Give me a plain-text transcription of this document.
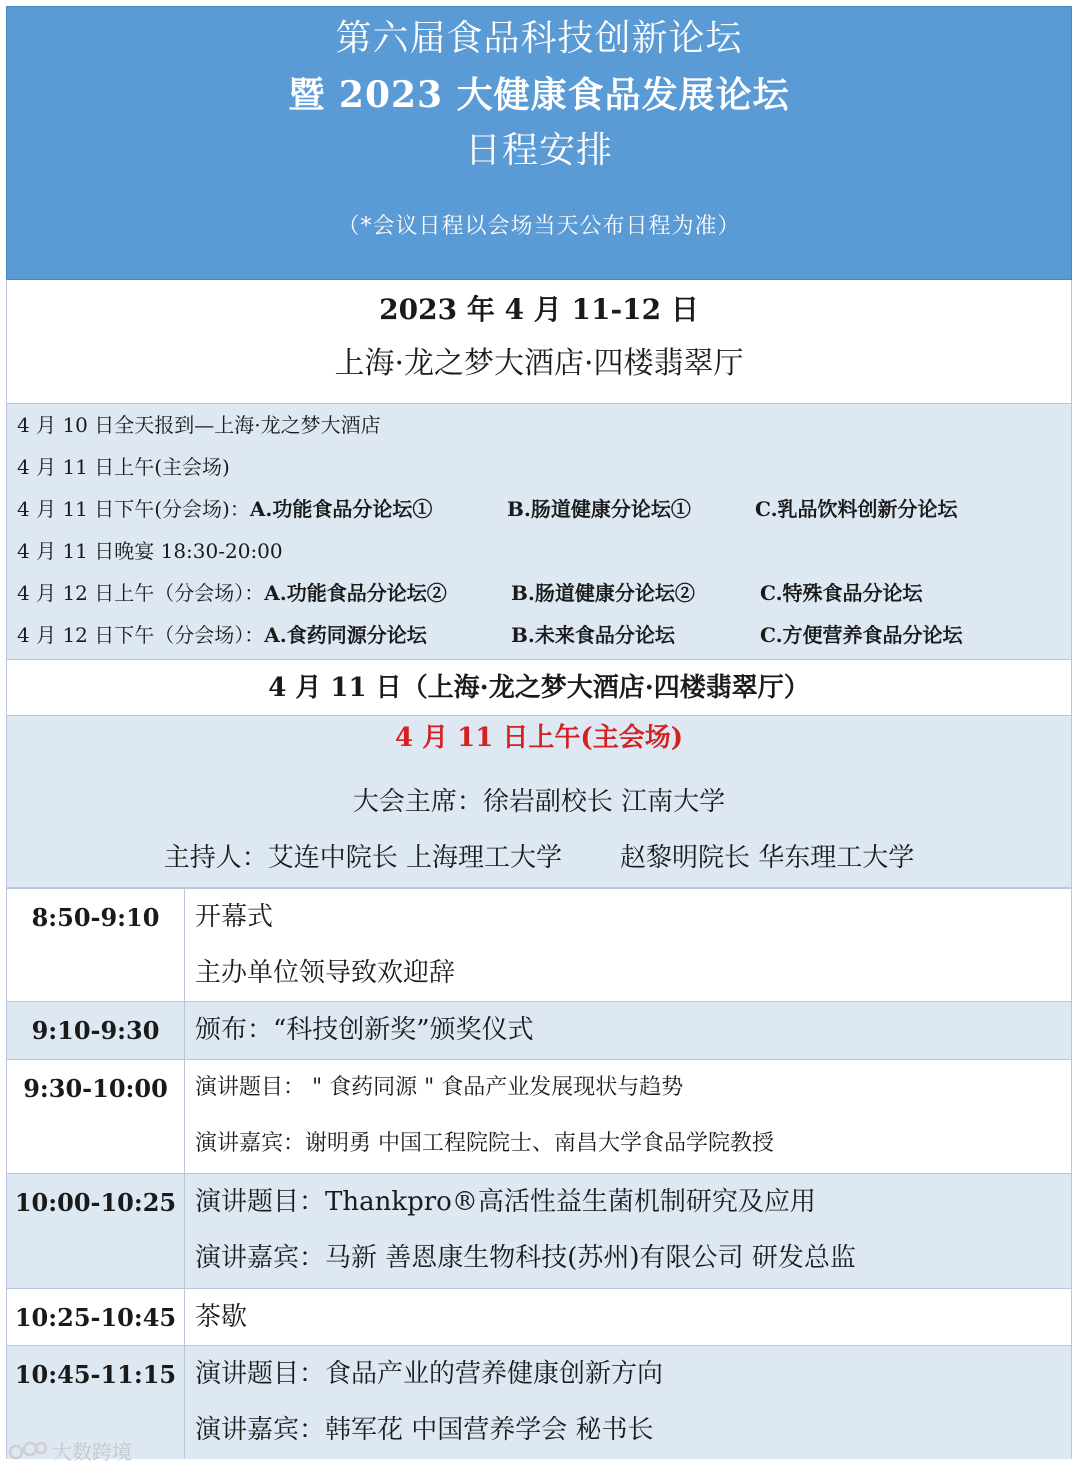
第六届食品科技创新论坛
暨 2023 大健康食品发展论坛
日程安排
（*会议日程以会场当天公布日程为准）
2023 年 4 月 11-12 日
上海·龙之梦大酒店·四楼翡翠厅
4 月 10 日全天报到—上海·龙之梦大酒店
4 月 11 日上午(主会场)
4 月 11 日下午(分会场)：A.功能食品分论坛①	B.肠道健康分论坛①	C.乳品饮料创新分论坛
4 月 11 日晚宴 18:30-20:00
4 月 12 日上午（分会场）：A.功能食品分论坛②	B.肠道健康分论坛②	C.特殊食品分论坛
4 月 12 日下午（分会场）：A.食药同源分论坛	B.未来食品分论坛	C.方便营养食品分论坛
4 月 11 日（上海·龙之梦大酒店·四楼翡翠厅）
4 月 11 日上午(主会场)
大会主席：徐岩副校长 江南大学
主持人：艾连中院长 上海理工大学 赵黎明院长 华东理工大学
8:50-9:10	开幕式
主办单位领导致欢迎辞
9:10-9:30	颁布：“科技创新奖”颁奖仪式
9:30-10:00	演讲题目： " 食药同源 " 食品产业发展现状与趋势
演讲嘉宾：谢明勇 中国工程院院士、南昌大学食品学院教授
10:00-10:25 演讲题目：Thankpro®高活性益生菌机制研究及应用
演讲嘉宾：马新 善恩康生物科技(苏州)有限公司 研发总监
10:25-10:45 茶歇
10:45-11:15 演讲题目：食品产业的营养健康创新方向
演讲嘉宾：韩军花 中国营养学会 秘书长
大数跨境
